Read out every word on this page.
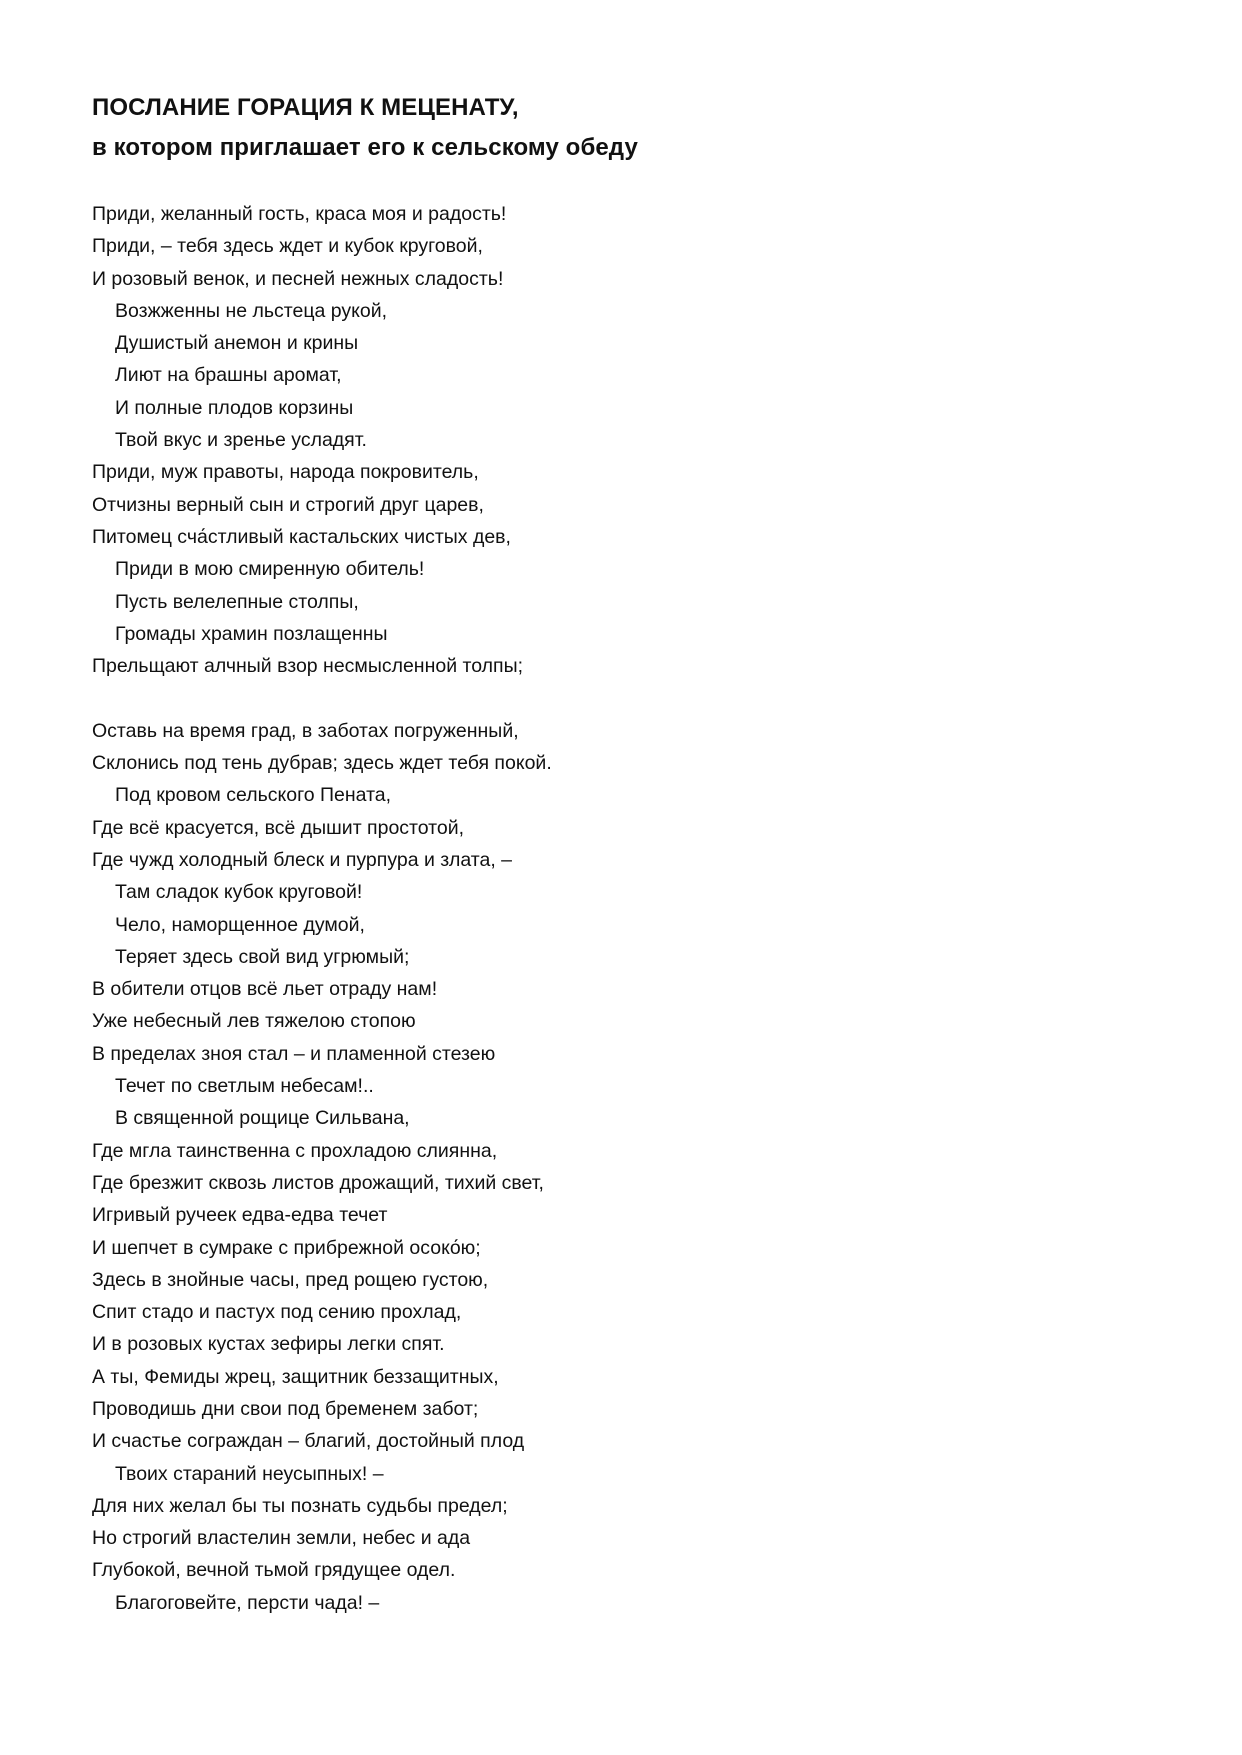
ПОСЛАНИЕ ГОРАЦИЯ К МЕЦЕНАТУ,
в котором приглашает его к сельскому обеду
Приди, желанный гость, краса моя и радость!
Приди, – тебя здесь ждет и кубок круговой,
И розовый венок, и песней нежных сладость!
Возжженны не льстеца рукой,
Душистый анемон и крины
Лиют на брашны аромат,
И полные плодов корзины
Твой вкус и зренье усладят.
Приди, муж правоты, народа покровитель,
Отчизны верный сын и строгий друг царев,
Питомец сча́стливый кастальских чистых дев,
Приди в мою смиренную обитель!
Пусть велелепные столпы,
Громады храмин позлащенны
Прельщают алчный взор несмысленной толпы;
Оставь на время град, в заботах погруженный,
Склонись под тень дубрав; здесь ждет тебя покой.
Под кровом сельского Пената,
Где всё красуется, всё дышит простотой,
Где чужд холодный блеск и пурпура и злата, –
Там сладок кубок круговой!
Чело, наморщенное думой,
Теряет здесь свой вид угрюмый;
В обители отцов всё льет отраду нам!
Уже небесный лев тяжелою стопою
В пределах зноя стал – и пламенной стезею
Течет по светлым небесам!..
В священной рощице Сильвана,
Где мгла таинственна с прохладою слиянна,
Где брезжит сквозь листов дрожащий, тихий свет,
Игривый ручеек едва-едва течет
И шепчет в сумраке с прибрежной осоко́ю;
Здесь в знойные часы, пред рощею густою,
Спит стадо и пастух под сению прохлад,
И в розовых кустах зефиры легки спят.
А ты, Фемиды жрец, защитник беззащитных,
Проводишь дни свои под бременем забот;
И счастье сограждан – благий, достойный плод
Твоих стараний неусыпных! –
Для них желал бы ты познать судьбы предел;
Но строгий властелин земли, небес и ада
Глубокой, вечной тьмой грядущее одел.
Благоговейте, персти чада! –
